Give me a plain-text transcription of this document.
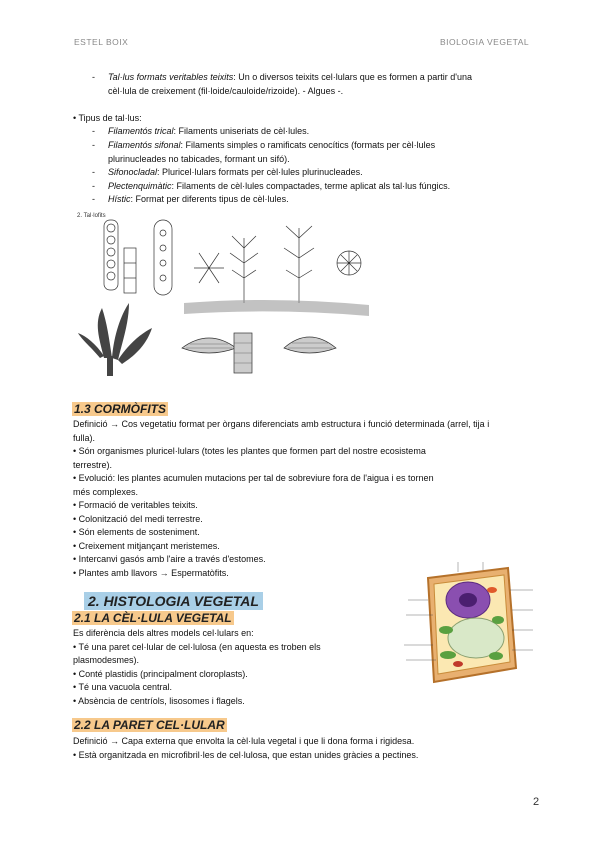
ESTEL BOIX	BIOLOGIA VEGETAL
- Tal·lus formats veritables teixits: Un o diversos teixits cel·lulars que es formen a partir d'una
cèl·lula de creixement (fil·loide/cauloide/rizoide). - Algues -.
• Tipus de tal·lus:
- Filamentós trical: Filaments uniseriats de cèl·lules.
- Filamentós sifonal: Filaments simples o ramificats cenocítics (formats per cèl·lules
plurinucleades no tabicades, formant un sifó).
- Sifonocladal: Pluricel·lulars formats per cèl·lules plurinucleades.
- Plectenquimàtic: Filaments de cèl·lules compactades, terme aplicat als tal·lus fúngics.
- Hístic: Format per diferents tipus de cèl·lules.
2. Tal·lofits
1.3 CORMÒFITS
Definició → Cos vegetatiu format per òrgans diferenciats amb estructura i funció determinada (arrel, tija i
fulla).
• Són organismes pluricel·lulars (totes les plantes que formen part del nostre ecosistema
terrestre).
• Evolució: les plantes acumulen mutacions per tal de sobreviure fora de l'aigua i es tornen
més complexes.
• Formació de veritables teixits.
• Colonització del medi terrestre.
• Són elements de sosteniment.
• Creixement mitjançant meristemes.
• Intercanvi gasós amb l'aire a través d'estomes.
• Plantes amb llavors → Espermatòfits.
2. HISTOLOGIA VEGETAL
2.1 LA CÈL·LULA VEGETAL
Es diferència dels altres models cel·lulars en:
• Té una paret cel·lular de cel·lulosa (en aquesta es troben els
plasmodesmes).
• Conté plastidis (principalment cloroplasts).
• Té una vacuola central.
• Absència de centríols, lisosomes i flagels.
2.2 LA PARET CEL·LULAR
Definició → Capa externa que envolta la cèl·lula vegetal i que li dona forma i rigidesa.
• Està organitzada en microfibril·les de cel·lulosa, que estan unides gràcies a pectines.
2
